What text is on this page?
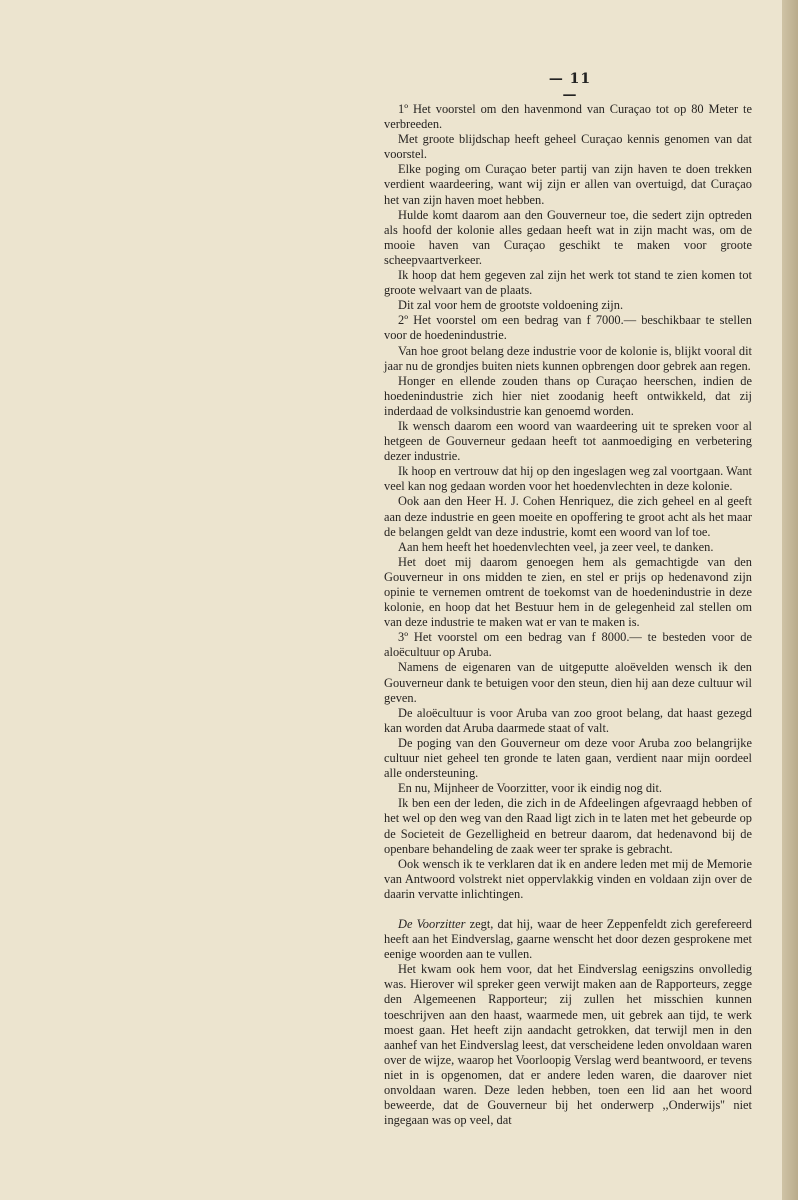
— 11 —

1º Het voorstel om den havenmond van Curaçao tot op 80 Meter te verbreeden.

Met groote blijdschap heeft geheel Curaçao kennis genomen van dat voorstel.

Elke poging om Curaçao beter partij van zijn haven te doen trekken verdient waardeering, want wij zijn er allen van overtuigd, dat Curaçao het van zijn haven moet hebben.

Hulde komt daarom aan den Gouverneur toe, die sedert zijn optreden als hoofd der kolonie alles gedaan heeft wat in zijn macht was, om de mooie haven van Curaçao geschikt te maken voor groote scheepvaartverkeer.

Ik hoop dat hem gegeven zal zijn het werk tot stand te zien komen tot groote welvaart van de plaats.

Dit zal voor hem de grootste voldoening zijn.

2º Het voorstel om een bedrag van f 7000.— beschikbaar te stellen voor de hoedenindustrie.

Van hoe groot belang deze industrie voor de kolonie is, blijkt vooral dit jaar nu de grondjes buiten niets kunnen opbrengen door gebrek aan regen.

Honger en ellende zouden thans op Curaçao heerschen, indien de hoedenindustrie zich hier niet zoodanig heeft ontwikkeld, dat zij inderdaad de volksindustrie kan genoemd worden.

Ik wensch daarom een woord van waardeering uit te spreken voor al hetgeen de Gouverneur gedaan heeft tot aanmoediging en verbetering dezer industrie.

Ik hoop en vertrouw dat hij op den ingeslagen weg zal voortgaan. Want veel kan nog gedaan worden voor het hoedenvlechten in deze kolonie.

Ook aan den Heer H. J. Cohen Henriquez, die zich geheel en al geeft aan deze industrie en geen moeite en opoffering te groot acht als het maar de belangen geldt van deze industrie, komt een woord van lof toe.

Aan hem heeft het hoedenvlechten veel, ja zeer veel, te danken.

Het doet mij daarom genoegen hem als gemachtigde van den Gouverneur in ons midden te zien, en stel er prijs op hedenavond zijn opinie te vernemen omtrent de toekomst van de hoedenindustrie in deze kolonie, en hoop dat het Bestuur hem in de gelegenheid zal stellen om van deze industrie te maken wat er van te maken is.

3º Het voorstel om een bedrag van f 8000.— te besteden voor de aloëcultuur op Aruba.

Namens de eigenaren van de uitgeputte aloëvelden wensch ik den Gouverneur dank te betuigen voor den steun, dien hij aan deze cultuur wil geven.

De aloëcultuur is voor Aruba van zoo groot belang, dat haast gezegd kan worden dat Aruba daarmede staat of valt.

De poging van den Gouverneur om deze voor Aruba zoo belangrijke cultuur niet geheel ten gronde te laten gaan, verdient naar mijn oordeel alle ondersteuning.

En nu, Mijnheer de Voorzitter, voor ik eindig nog dit.

Ik ben een der leden, die zich in de Afdeelingen afgevraagd hebben of het wel op den weg van den Raad ligt zich in te laten met het gebeurde op de Societeit de Gezelligheid en betreur daarom, dat hedenavond bij de openbare behandeling de zaak weer ter sprake is gebracht.

Ook wensch ik te verklaren dat ik en andere leden met mij de Memorie van Antwoord volstrekt niet oppervlakkig vinden en voldaan zijn over de daarin vervatte inlichtingen.

De Voorzitter zegt, dat hij, waar de heer Zeppenfeldt zich gerefereerd heeft aan het Eindverslag, gaarne wenscht het door dezen gesprokene met eenige woorden aan te vullen.

Het kwam ook hem voor, dat het Eindverslag eenigszins onvolledig was. Hierover wil spreker geen verwijt maken aan de Rapporteurs, zegge den Algemeenen Rapporteur; zij zullen het misschien kunnen toeschrijven aan den haast, waarmede men, uit gebrek aan tijd, te werk moest gaan. Het heeft zijn aandacht getrokken, dat terwijl men in den aanhef van het Eindverslag leest, dat verscheidene leden onvoldaan waren over de wijze, waarop het Voorloopig Verslag werd beantwoord, er tevens niet in is opgenomen, dat er andere leden waren, die daarover niet onvoldaan waren. Deze leden hebben, toen een lid aan het woord beweerde, dat de Gouverneur bij het onderwerp ,,Onderwijs'' niet ingegaan was op veel, dat
